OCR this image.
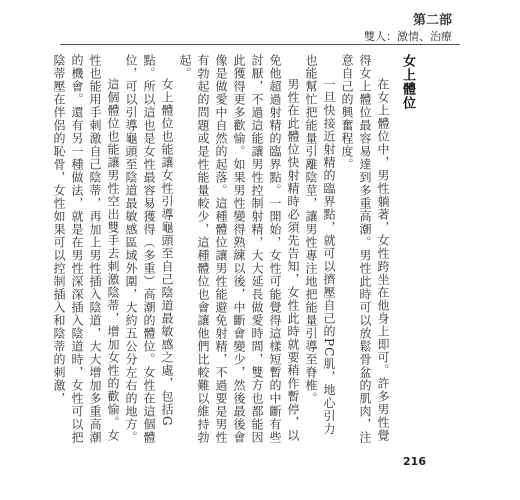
第二部
雙人：激情、治療
女上體位

在女上體位中，男性躺著，女性跨坐在他身上即可。許多男性覺得女上體位最容易達到多重高潮。男性此時可以放鬆骨盆的肌肉，注意自己的興奮程度。

一旦快接近射精的臨界點，就可以擠壓自己的PC肌，地心引力也能幫忙把能量引離陰莖，讓男性專注地把能量引導至脊椎。

男性在此體位快射精時必須先告知，女性此時就要稍作暫停，以免他超過射精的臨界點。一開始，女性可能覺得這樣短暫的中斷有些討厭，不過這能讓男性控制射精，大大延長做愛時間，雙方也都能因此獲得更多歡愉。如果男性變得熟練以後，中斷會變少，然後最後會像是做愛中自然的起落。這種體位讓男性能避免射精，不過要是男性有勃起的問題或是性能量較少，這種體位也會讓他們比較難以維持勃起。

女上體位也能讓女性引導龜頭至自己陰道最敏感之處，包括G點。所以這也是女性最容易獲得（多重）高潮的體位。女性在這個體位，可以引導龜頭至陰道最敏感區域外圍，大約五公分左右的地方。

這個體位也能讓男性空出雙手去刺激陰蒂，增加女性的歡愉。女性也能用手刺激自己陰蒂，再加上男性插入陰道，大大增加多重高潮的機會。還有另一種做法，就是在男性深深插入陰道時，女性可以把陰蒂壓在伴侶的恥骨，女性如果可以控制插入和陰蒂的刺激，

216
